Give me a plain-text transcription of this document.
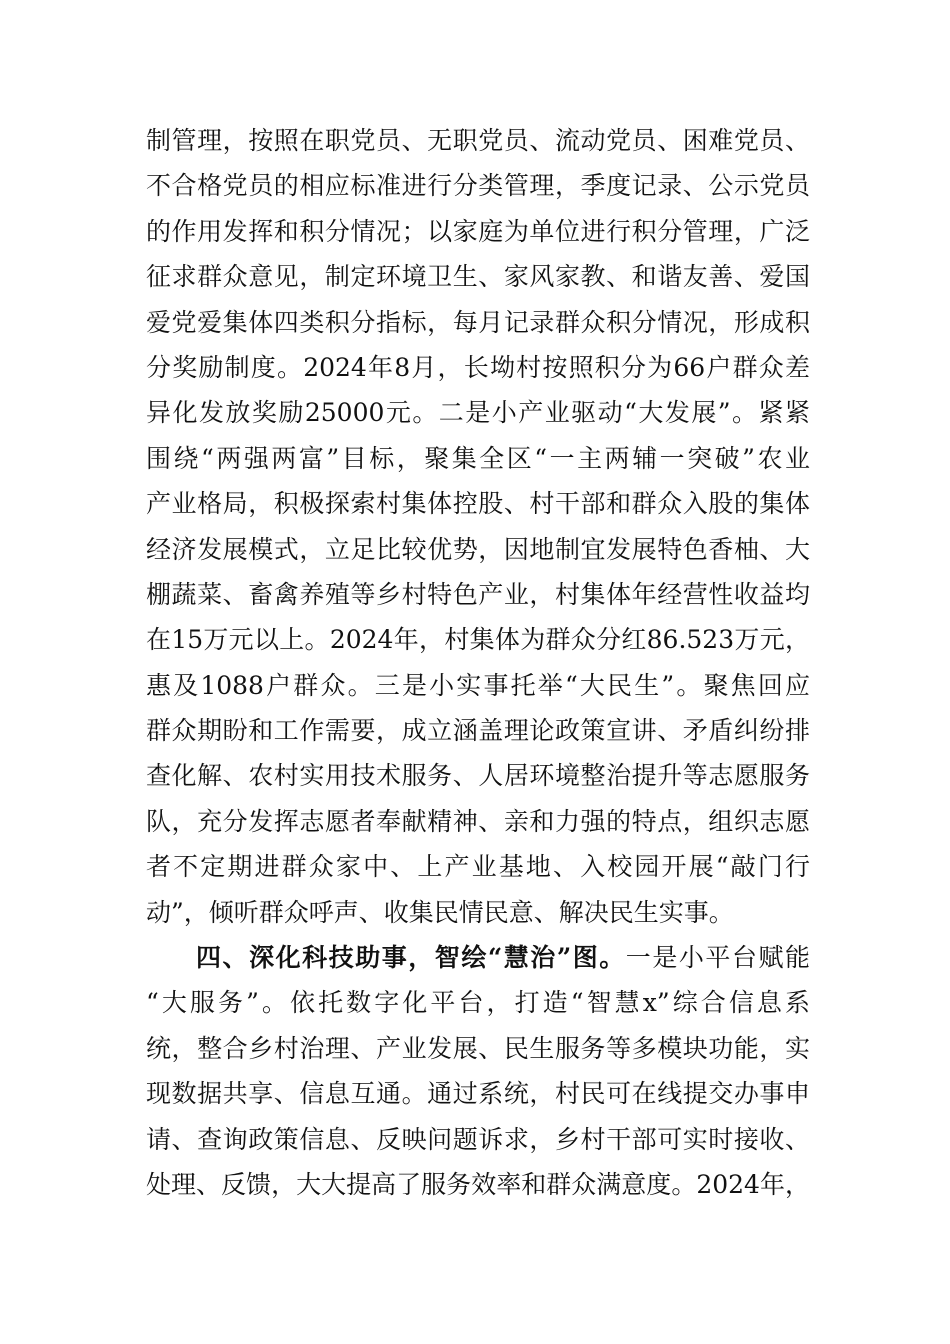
制管理，按照在职党员、无职党员、流动党员、困难党员、
不合格党员的相应标准进行分类管理，季度记录、公示党员
的作用发挥和积分情况；以家庭为单位进行积分管理，广泛
征求群众意见，制定环境卫生、家风家教、和谐友善、爱国
爱党爱集体四类积分指标，每月记录群众积分情况，形成积
分奖励制度。2024年8月，长坳村按照积分为66户群众差
异化发放奖励25000元。二是小产业驱动“大发展”。紧紧
围绕“两强两富”目标，聚集全区“一主两辅一突破”农业
产业格局，积极探索村集体控股、村干部和群众入股的集体
经济发展模式，立足比较优势，因地制宜发展特色香柚、大
棚蔬菜、畜禽养殖等乡村特色产业，村集体年经营性收益均
在15万元以上。2024年，村集体为群众分红86.523万元，
惠及1088户群众。三是小实事托举“大民生”。聚焦回应
群众期盼和工作需要，成立涵盖理论政策宣讲、矛盾纠纷排
查化解、农村实用技术服务、人居环境整治提升等志愿服务
队，充分发挥志愿者奉献精神、亲和力强的特点，组织志愿
者不定期进群众家中、上产业基地、入校园开展“敲门行
动”，倾听群众呼声、收集民情民意、解决民生实事。
四、深化科技助事，智绘“慧治”图。一是小平台赋能
“大服务”。依托数字化平台，打造“智慧x”综合信息系
统，整合乡村治理、产业发展、民生服务等多模块功能，实
现数据共享、信息互通。通过系统，村民可在线提交办事申
请、查询政策信息、反映问题诉求，乡村干部可实时接收、
处理、反馈，大大提高了服务效率和群众满意度。2024年，
